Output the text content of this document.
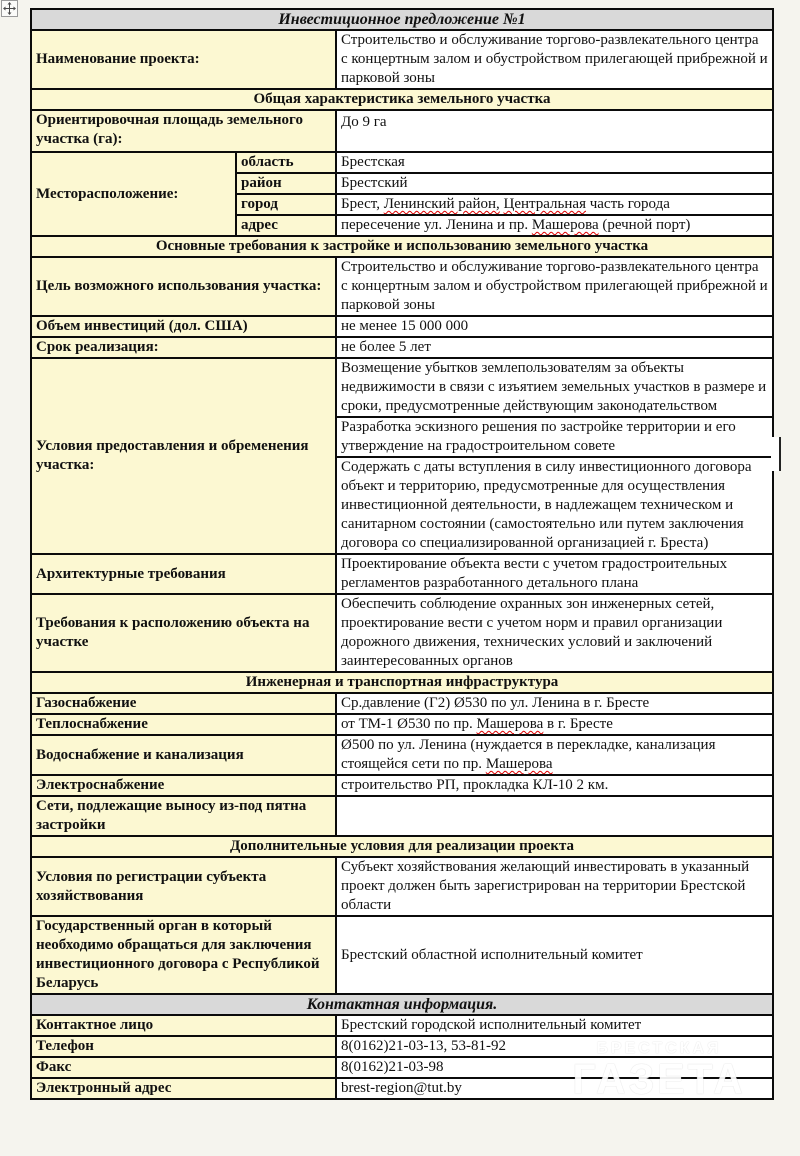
Инвестиционное предложение №1		
Наименование проекта:		Строительство и обслуживание торгово-развлекательного центра с концертным залом и обустройством прилегающей прибрежной и парковой зоны
Общая характеристика земельного участка		
Ориентировочная площадь земельного участка (га):		До 9 га
Месторасположение:	область	Брестская
	район	Брестский
	город	Брест, Ленинский район, Центральная часть города
	адрес	пересечение ул. Ленина и пр. Машерова (речной порт)
Основные требования к застройке и использованию земельного участка		
Цель возможного использования участка:		Строительство и обслуживание торгово-развлекательного центра с концертным залом и обустройством прилегающей прибрежной и парковой зоны
Объем инвестиций (дол. США)		не менее 15 000 000
Срок реализация:		не более 5 лет
Условия предоставления и обременения участка:		Возмещение убытков землепользователям за объекты недвижимости в связи с изъятием земельных участков в размере и сроки, предусмотренные действующим законодательством
		Разработка эскизного решения по застройке территории и его утверждение на градостроительном совете
		Содержать с даты вступления в силу инвестиционного договора объект и территорию, предусмотренные для осуществления инвестиционной деятельности, в надлежащем техническом и санитарном состоянии (самостоятельно или путем заключения договора со специализированной организацией г. Бреста)
Архитектурные требования		Проектирование объекта вести с учетом градостроительных регламентов разработанного детального плана
Требования к расположению объекта на участке		Обеспечить соблюдение охранных зон инженерных сетей, проектирование вести с учетом норм и правил организации дорожного движения, технических условий и заключений заинтересованных органов
Инженерная и транспортная инфраструктура		
Газоснабжение		Ср.давление (Г2) Ø530 по ул. Ленина в г. Бресте
Теплоснабжение		от ТМ-1 Ø530 по пр. Машерова в г. Бресте
Водоснабжение и канализация		Ø500 по ул. Ленина (нуждается в перекладке, канализация стоящейся сети по пр. Машерова
Электроснабжение		строительство РП, прокладка КЛ-10 2 км.
Сети, подлежащие выносу из-под пятна застройки		
Дополнительные условия для реализации проекта		
Условия по регистрации субъекта хозяйствования		Субъект хозяйствования желающий инвестировать в указанный проект должен быть зарегистрирован на территории Брестской области
Государственный орган в который необходимо обращаться для заключения инвестиционного договора с Республикой Беларусь		Брестский областной исполнительный комитет
Контактная информация.		
Контактное лицо		Брестский городской исполнительный комитет
Телефон		8(0162)21-03-13, 53-81-92
Факс		8(0162)21-03-98
Электронный адрес		brest-region@tut.by
БРЕСТСКАЯ
ГАЗЕТА
